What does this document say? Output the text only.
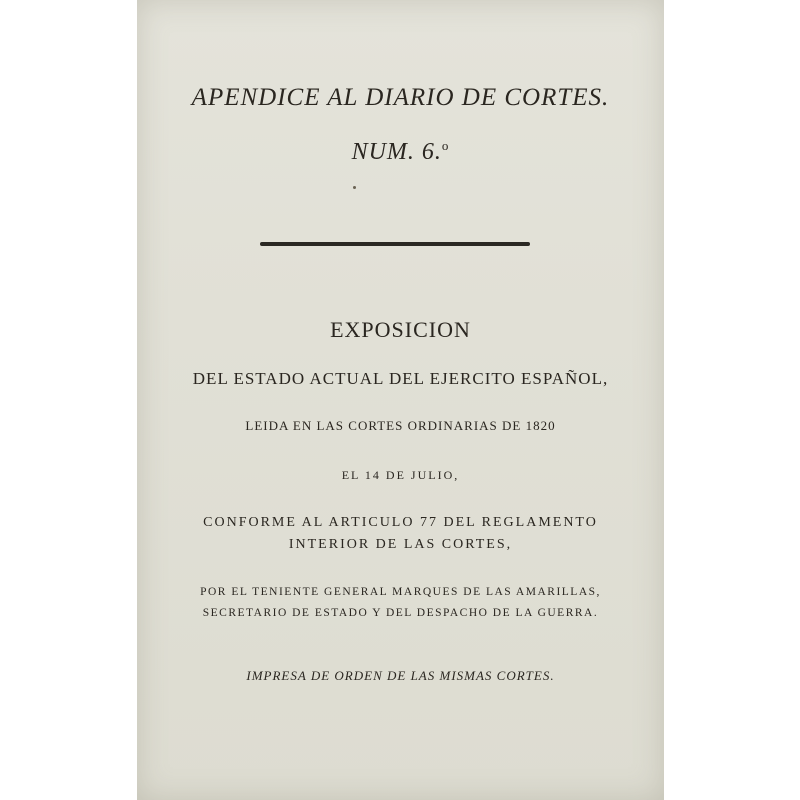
APENDICE AL DIARIO DE CORTES.
NUM. 6.$^o$
EXPOSICION
DEL ESTADO ACTUAL DEL EJERCITO ESPAÑOL,
LEIDA EN LAS CORTES ORDINARIAS DE 1820
EL 14 DE JULIO,
CONFORME AL ARTICULO 77 DEL REGLAMENTO
INTERIOR DE LAS CORTES,
POR EL TENIENTE GENERAL MARQUES DE LAS AMARILLAS,
SECRETARIO DE ESTADO Y DEL DESPACHO DE LA GUERRA.
IMPRESA DE ORDEN DE LAS MISMAS CORTES.
